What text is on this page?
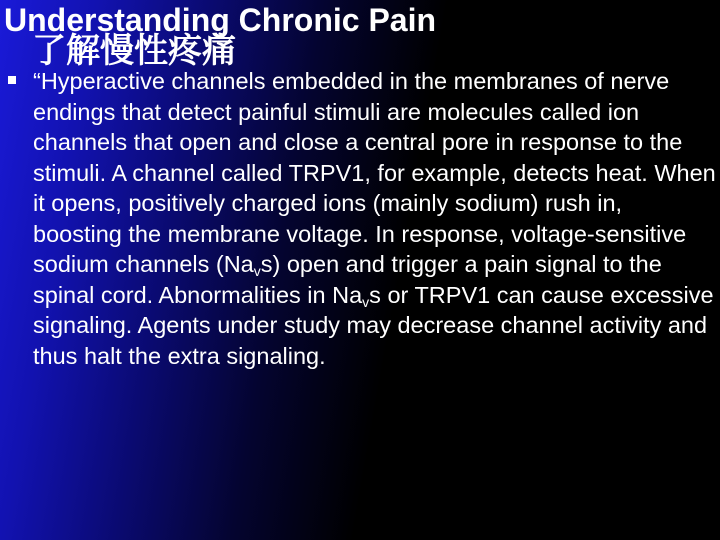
Understanding Chronic Pain
了解慢性疼痛

“Hyperactive channels embedded in the membranes of nerve endings that detect painful stimuli are molecules called ion channels that open and close a central pore in response to the stimuli. A channel called TRPV1, for example, detects heat. When it opens, positively charged ions (mainly sodium) rush in, boosting the membrane voltage. In response, voltage-sensitive sodium channels $(Na_vs)$ open and trigger a pain signal to the spinal cord. Abnormalities in $Na_vs$ or TRPV1 can cause excessive signaling. Agents under study may decrease channel activity and thus halt the extra signaling.
